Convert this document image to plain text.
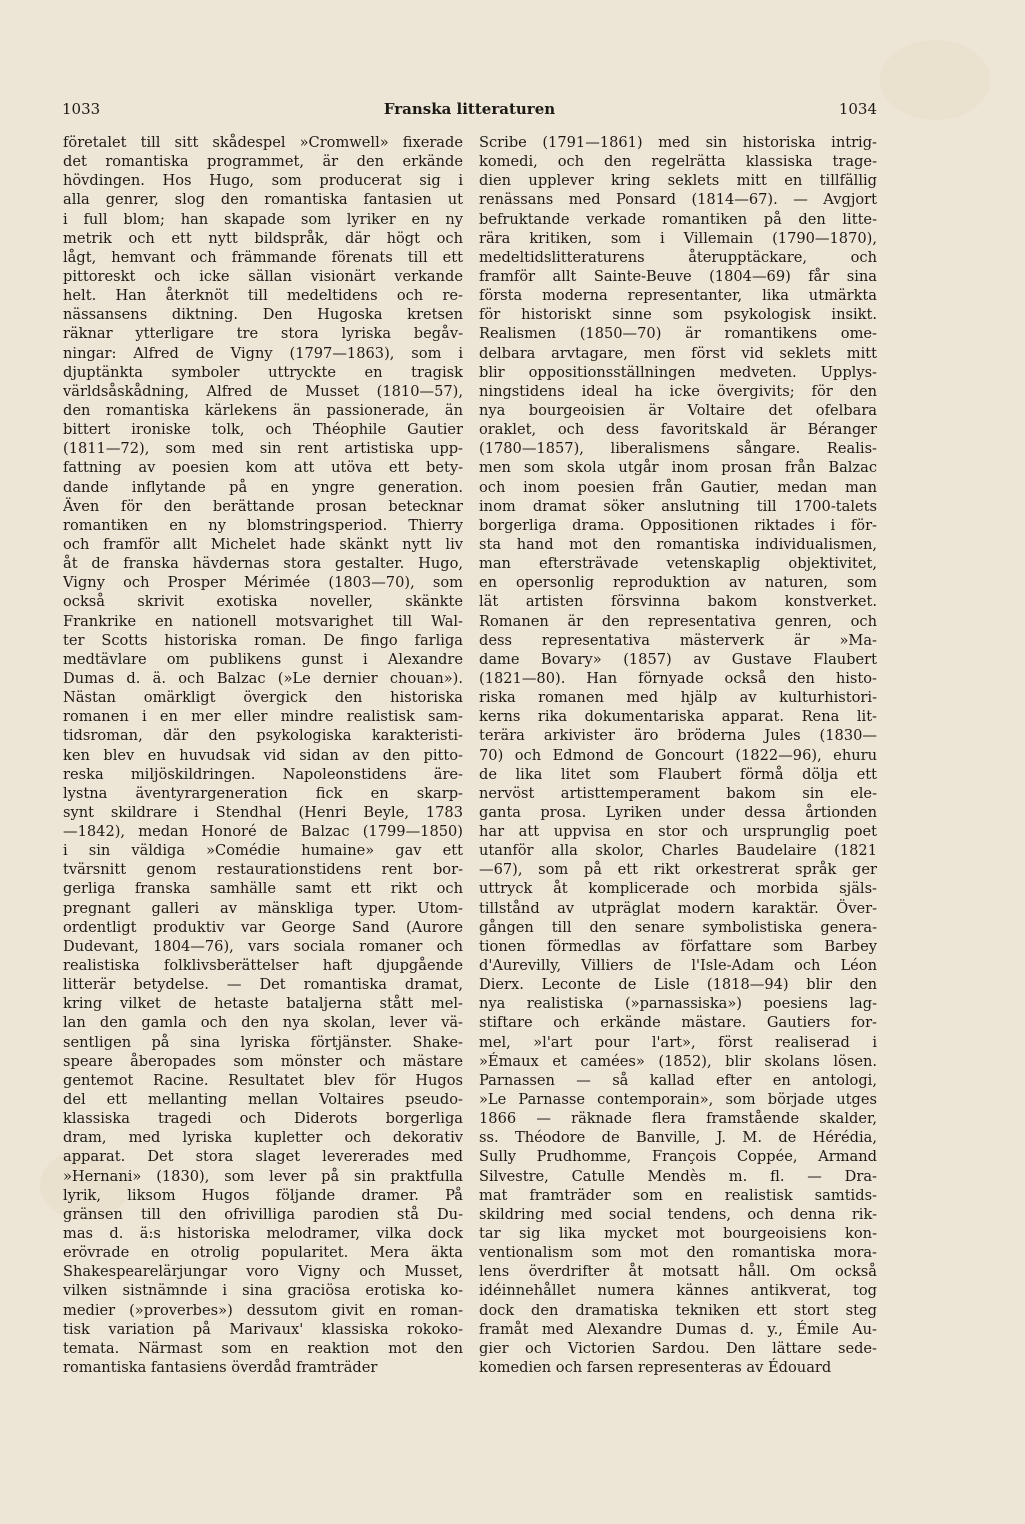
1033	Franska litteraturen	1034
företalet till sitt skådespel »Cromwell» fixerade
det romantiska programmet, är den erkände
hövdingen. Hos Hugo, som producerat sig i
alla genrer, slog den romantiska fantasien ut
i full blom; han skapade som lyriker en ny
metrik och ett nytt bildspråk, där högt och
lågt, hemvant och främmande förenats till ett
pittoreskt och icke sällan visionärt verkande
helt. Han återknöt till medeltidens och re-
nässansens diktning. Den Hugoska kretsen
räknar ytterligare tre stora lyriska begåv-
ningar: Alfred de Vigny (1797—1863), som i
djuptänkta symboler uttryckte en tragisk
världsåskådning, Alfred de Musset (1810—57),
den romantiska kärlekens än passionerade, än
bittert ironiske tolk, och Théophile Gautier
(1811—72), som med sin rent artistiska upp-
fattning av poesien kom att utöva ett bety-
dande inflytande på en yngre generation.
Även för den berättande prosan betecknar
romantiken en ny blomstringsperiod. Thierry
och framför allt Michelet hade skänkt nytt liv
åt de franska hävdernas stora gestalter. Hugo,
Vigny och Prosper Mérimée (1803—70), som
också skrivit exotiska noveller, skänkte
Frankrike en nationell motsvarighet till Wal-
ter Scotts historiska roman. De fingo farliga
medtävlare om publikens gunst i Alexandre
Dumas d. ä. och Balzac (»Le dernier chouan»).
Nästan omärkligt övergick den historiska
romanen i en mer eller mindre realistisk sam-
tidsroman, där den psykologiska karakteristi-
ken blev en huvudsak vid sidan av den pitto-
reska miljöskildringen. Napoleonstidens äre-
lystna äventyrargeneration fick en skarp-
synt skildrare i Stendhal (Henri Beyle, 1783
—1842), medan Honoré de Balzac (1799—1850)
i sin väldiga »Comédie humaine» gav ett
tvärsnitt genom restaurationstidens rent bor-
gerliga franska samhälle samt ett rikt och
pregnant galleri av mänskliga typer. Utom-
ordentligt produktiv var George Sand (Aurore
Dudevant, 1804—76), vars sociala romaner och
realistiska folklivsberättelser haft djupgående
litterär betydelse. — Det romantiska dramat,
kring vilket de hetaste bataljerna stått mel-
lan den gamla och den nya skolan, lever vä-
sentligen på sina lyriska förtjänster. Shake-
speare åberopades som mönster och mästare
gentemot Racine. Resultatet blev för Hugos
del ett mellanting mellan Voltaires pseudo-
klassiska tragedi och Diderots borgerliga
dram, med lyriska kupletter och dekorativ
apparat. Det stora slaget levererades med
»Hernani» (1830), som lever på sin praktfulla
lyrik, liksom Hugos följande dramer. På
gränsen till den ofrivilliga parodien stå Du-
mas d. ä:s historiska melodramer, vilka dock
erövrade en otrolig popularitet. Mera äkta
Shakespearelärjungar voro Vigny och Musset,
vilken sistnämnde i sina graciösa erotiska ko-
medier (»proverbes») dessutom givit en roman-
tisk variation på Marivaux' klassiska rokoko-
temata. Närmast som en reaktion mot den
romantiska fantasiens överdåd framträder
Scribe (1791—1861) med sin historiska intrig-
komedi, och den regelrätta klassiska trage-
dien upplever kring seklets mitt en tillfällig
renässans med Ponsard (1814—67). — Avgjort
befruktande verkade romantiken på den litte-
rära kritiken, som i Villemain (1790—1870),
medeltidslitteraturens återupptäckare, och
framför allt Sainte-Beuve (1804—69) får sina
första moderna representanter, lika utmärkta
för historiskt sinne som psykologisk insikt.
Realismen (1850—70) är romantikens ome-
delbara arvtagare, men först vid seklets mitt
blir oppositionsställningen medveten. Upplys-
ningstidens ideal ha icke övergivits; för den
nya bourgeoisien är Voltaire det ofelbara
oraklet, och dess favoritskald är Béranger
(1780—1857), liberalismens sångare. Realis-
men som skola utgår inom prosan från Balzac
och inom poesien från Gautier, medan man
inom dramat söker anslutning till 1700-talets
borgerliga drama. Oppositionen riktades i för-
sta hand mot den romantiska individualismen,
man eftersträvade vetenskaplig objektivitet,
en opersonlig reproduktion av naturen, som
lät artisten försvinna bakom konstverket.
Romanen är den representativa genren, och
dess representativa mästerverk är »Ma-
dame Bovary» (1857) av Gustave Flaubert
(1821—80). Han förnyade också den histo-
riska romanen med hjälp av kulturhistori-
kerns rika dokumentariska apparat. Rena lit-
terära arkivister äro bröderna Jules (1830—
70) och Edmond de Goncourt (1822—96), ehuru
de lika litet som Flaubert förmå dölja ett
nervöst artisttemperament bakom sin ele-
ganta prosa. Lyriken under dessa årtionden
har att uppvisa en stor och ursprunglig poet
utanför alla skolor, Charles Baudelaire (1821
—67), som på ett rikt orkestrerat språk ger
uttryck åt komplicerade och morbida själs-
tillstånd av utpräglat modern karaktär. Över-
gången till den senare symbolistiska genera-
tionen förmedlas av författare som Barbey
d'Aurevilly, Villiers de l'Isle-Adam och Léon
Dierx. Leconte de Lisle (1818—94) blir den
nya realistiska (»parnassiska») poesiens lag-
stiftare och erkände mästare. Gautiers for-
mel, »l'art pour l'art», först realiserad i
»Émaux et camées» (1852), blir skolans lösen.
Parnassen — så kallad efter en antologi,
»Le Parnasse contemporain», som började utges
1866 — räknade flera framstående skalder,
ss. Théodore de Banville, J. M. de Hérédia,
Sully Prudhomme, François Coppée, Armand
Silvestre, Catulle Mendès m. fl. — Dra-
mat framträder som en realistisk samtids-
skildring med social tendens, och denna rik-
tar sig lika mycket mot bourgeoisiens kon-
ventionalism som mot den romantiska mora-
lens överdrifter åt motsatt håll. Om också
idéinnehållet numera kännes antikverat, tog
dock den dramatiska tekniken ett stort steg
framåt med Alexandre Dumas d. y., Émile Au-
gier och Victorien Sardou. Den lättare sede-
komedien och farsen representeras av Édouard
